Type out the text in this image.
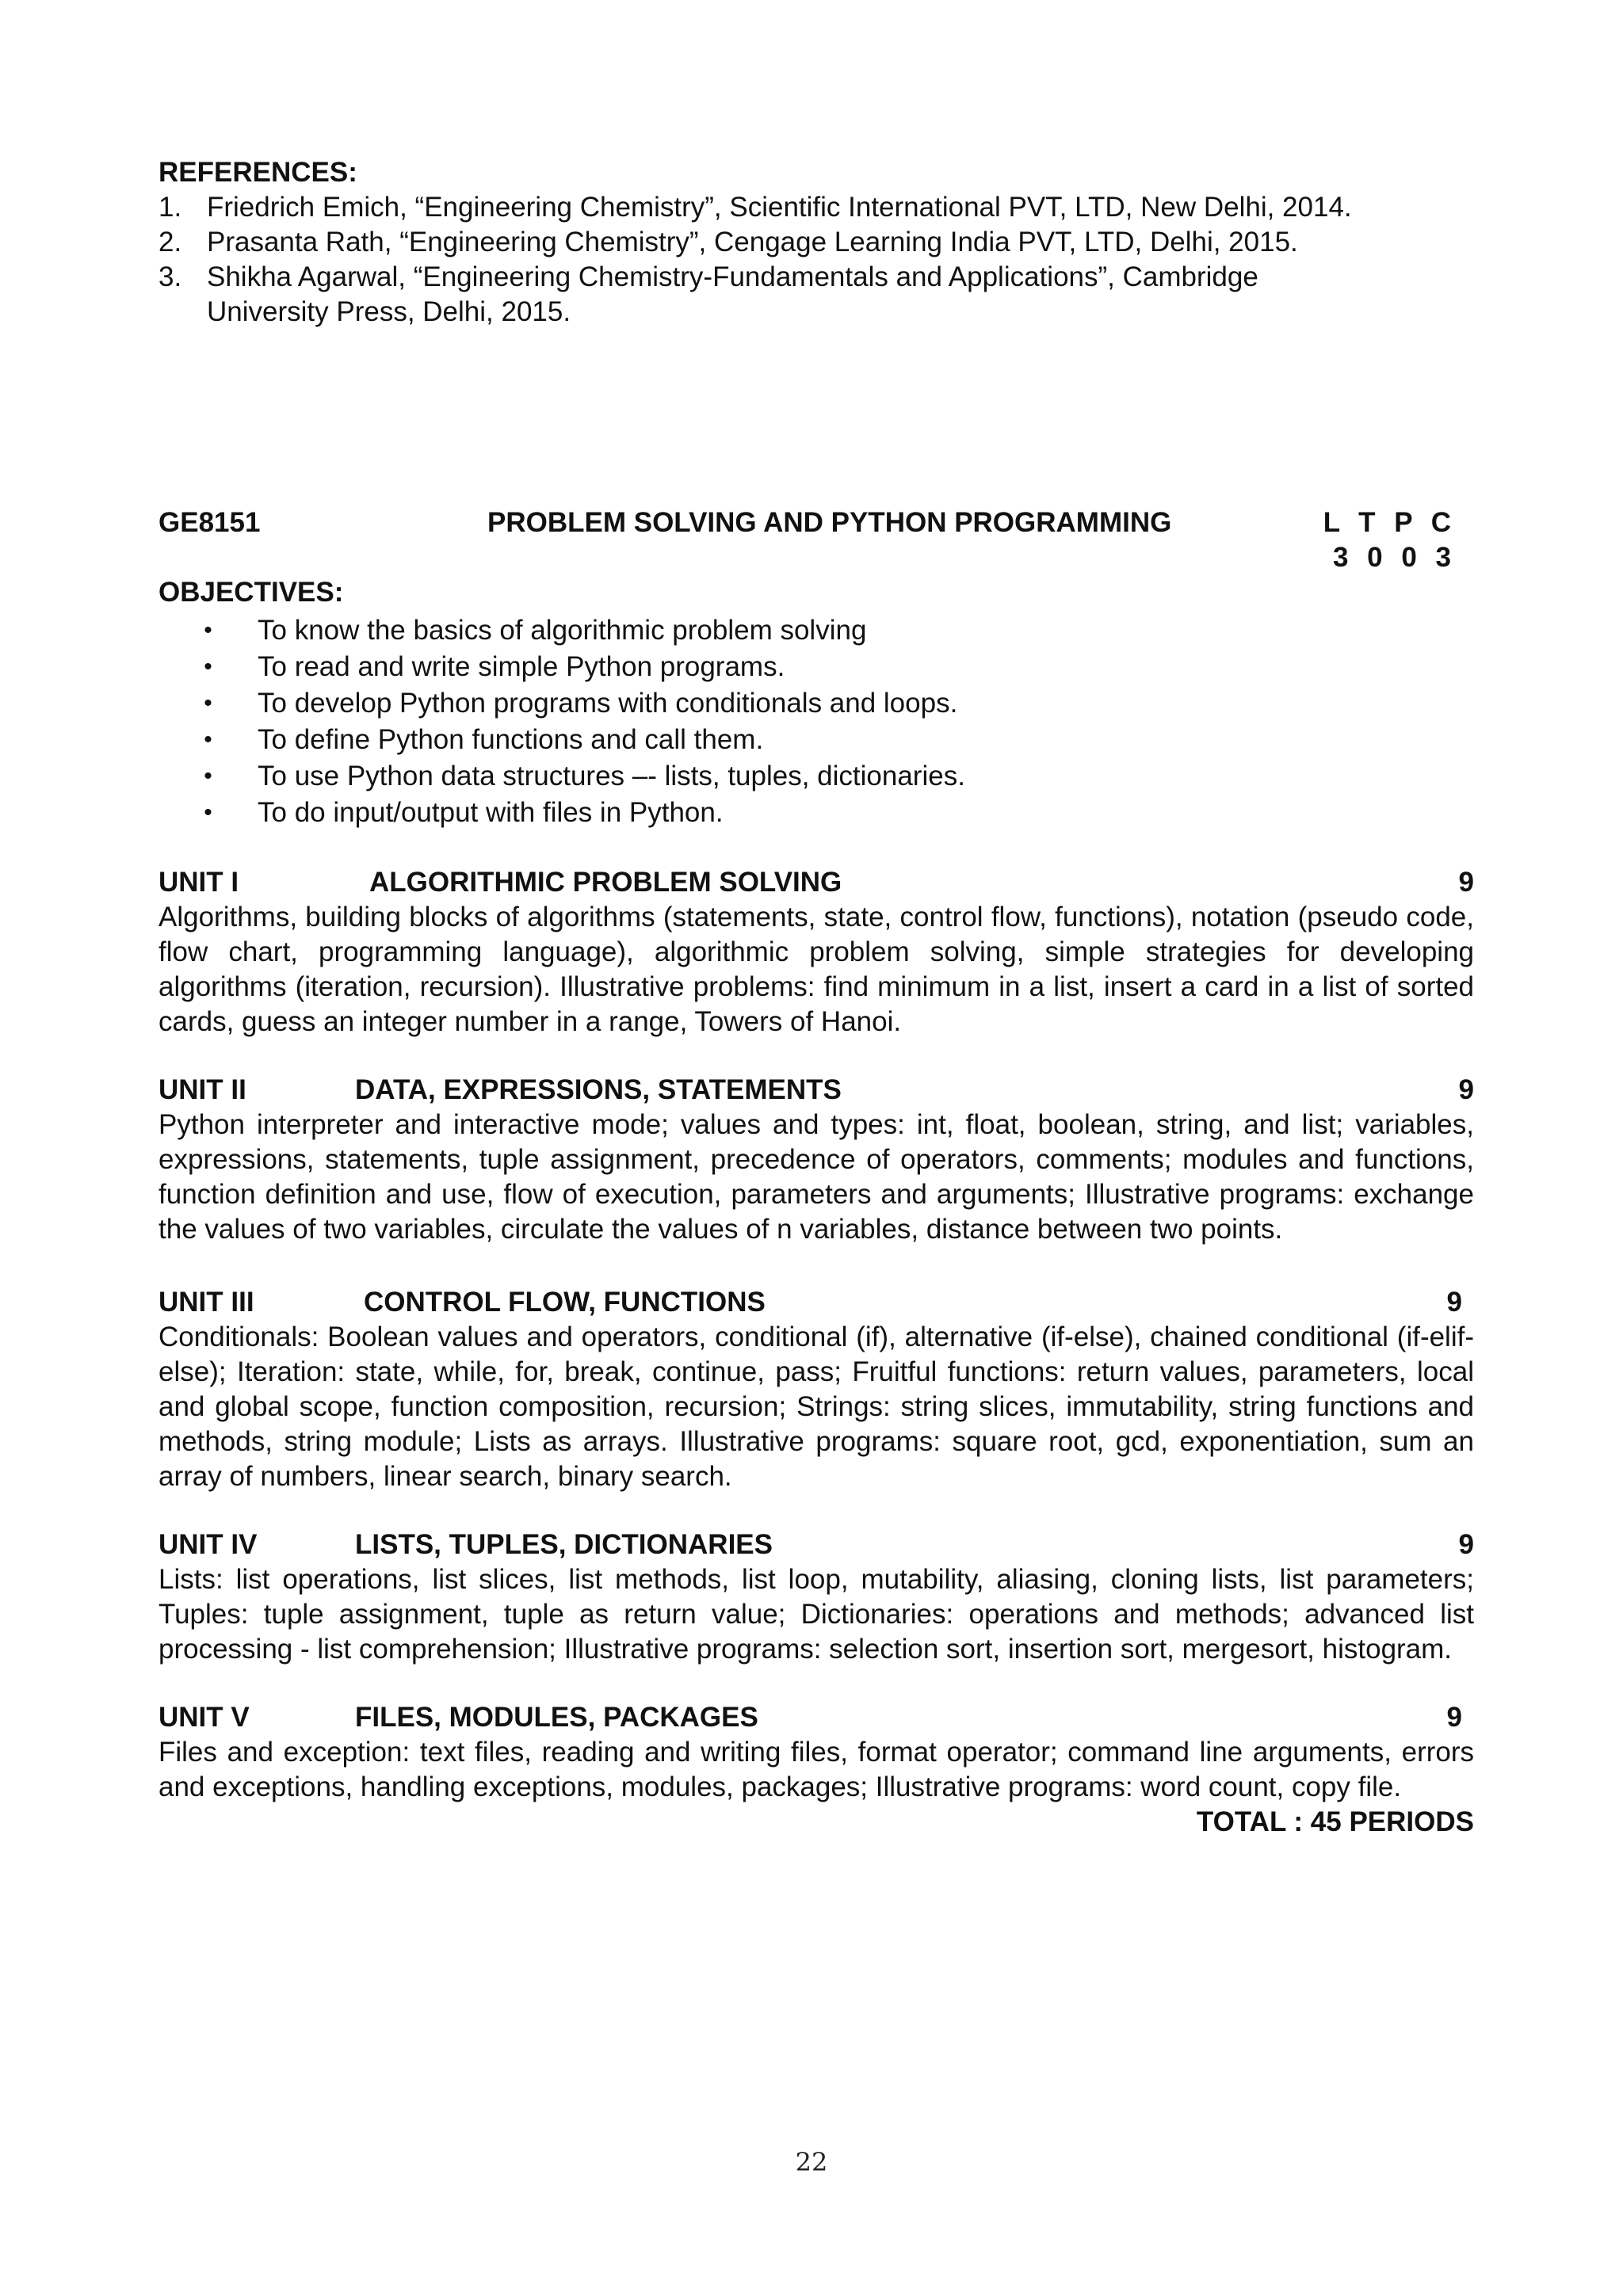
REFERENCES:
1. Friedrich Emich, “Engineering Chemistry”, Scientific International PVT, LTD, New Delhi, 2014.
2. Prasanta Rath, “Engineering Chemistry”, Cengage Learning India PVT, LTD, Delhi, 2015.
3. Shikha Agarwal, “Engineering Chemistry-Fundamentals and Applications”, Cambridge University Press, Delhi, 2015.
GE8151	PROBLEM SOLVING AND PYTHON PROGRAMMING	L T P C
3 0 0 3
OBJECTIVES:
•	To know the basics of algorithmic problem solving
•	To read and write simple Python programs.
•	To develop Python programs with conditionals and loops.
•	To define Python functions and call them.
•	To use Python data structures –- lists, tuples, dictionaries.
•	To do input/output with files in Python.
UNIT I	ALGORITHMIC PROBLEM SOLVING	9
Algorithms, building blocks of algorithms (statements, state, control flow, functions), notation (pseudo code, flow chart, programming language), algorithmic problem solving, simple strategies for developing algorithms (iteration, recursion). Illustrative problems: find minimum in a list, insert a card in a list of sorted cards, guess an integer number in a range, Towers of Hanoi.
UNIT II	DATA, EXPRESSIONS, STATEMENTS	9
Python interpreter and interactive mode; values and types: int, float, boolean, string, and list; variables, expressions, statements, tuple assignment, precedence of operators, comments; modules and functions, function definition and use, flow of execution, parameters and arguments; Illustrative programs: exchange the values of two variables, circulate the values of n variables, distance between two points.
UNIT III	CONTROL FLOW, FUNCTIONS	9
Conditionals: Boolean values and operators, conditional (if), alternative (if-else), chained conditional (if-elif-else); Iteration: state, while, for, break, continue, pass; Fruitful functions: return values, parameters, local and global scope, function composition, recursion; Strings: string slices, immutability, string functions and methods, string module; Lists as arrays. Illustrative programs: square root, gcd, exponentiation, sum an array of numbers, linear search, binary search.
UNIT IV	LISTS, TUPLES, DICTIONARIES	9
Lists: list operations, list slices, list methods, list loop, mutability, aliasing, cloning lists, list parameters; Tuples: tuple assignment, tuple as return value; Dictionaries: operations and methods; advanced list processing - list comprehension; Illustrative programs: selection sort, insertion sort, mergesort, histogram.
UNIT V	FILES, MODULES, PACKAGES	9
Files and exception: text files, reading and writing files, format operator; command line arguments, errors and exceptions, handling exceptions, modules, packages; Illustrative programs: word count, copy file.
TOTAL : 45 PERIODS
22
